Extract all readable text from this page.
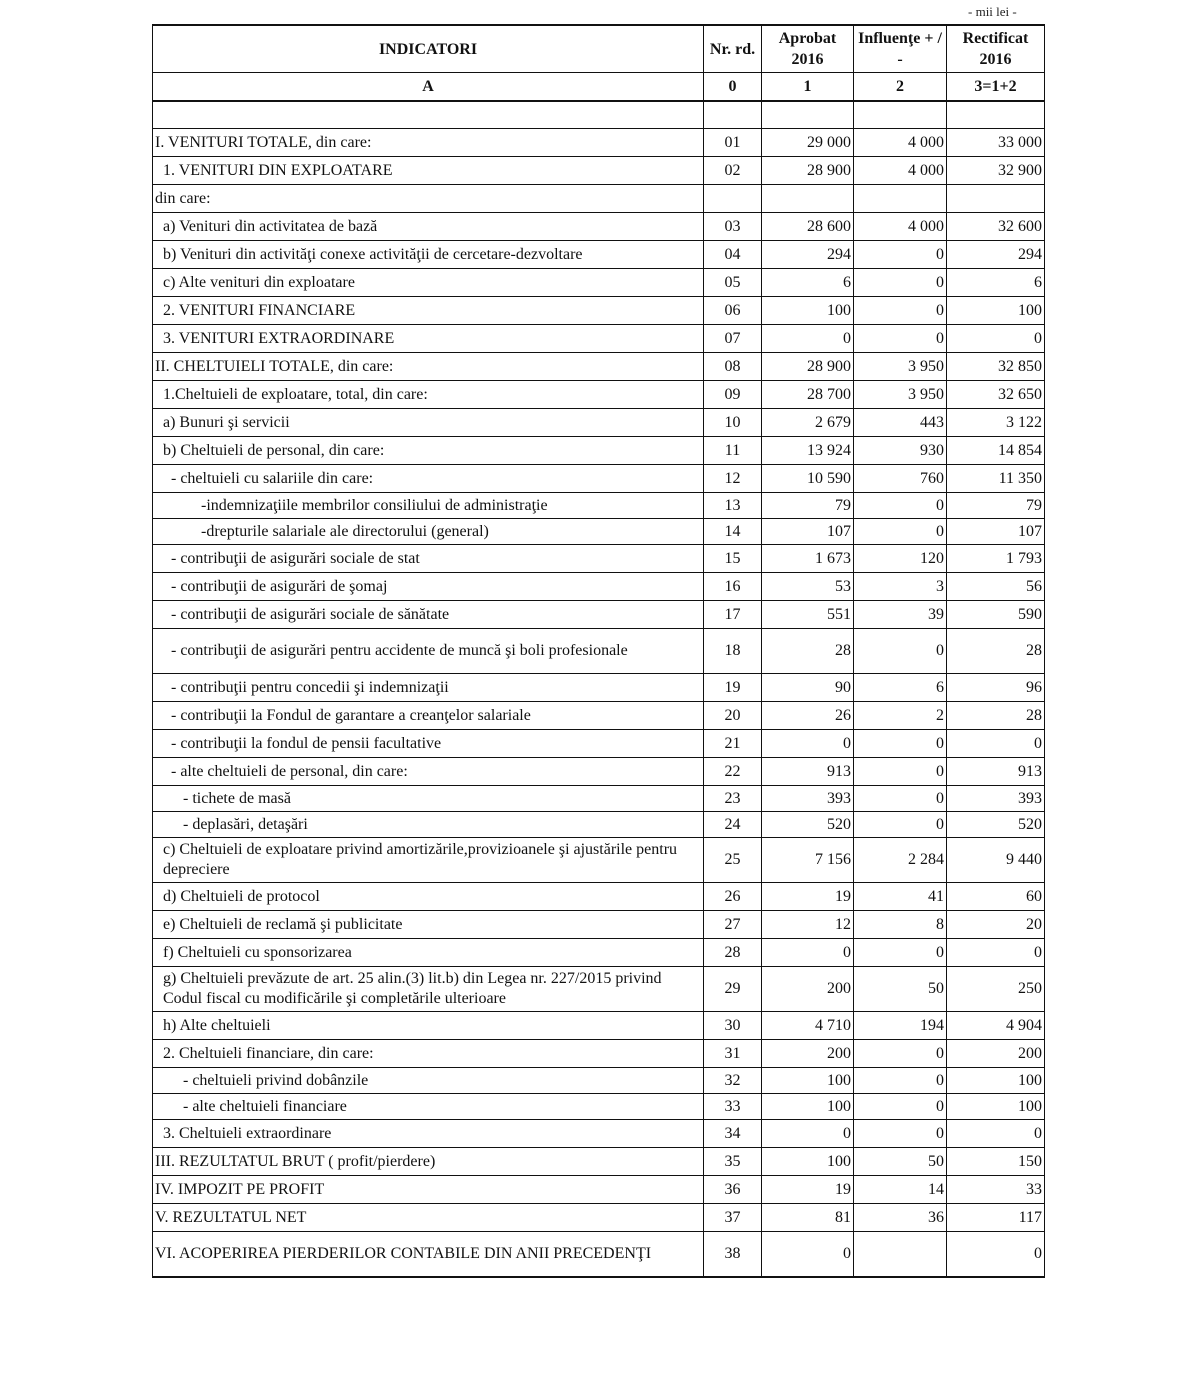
- mii lei -
INDICATORI	Nr. rd.	Aprobat 2016	Influenţe + / -	Rectificat 2016
A	0	1	2	3=1+2

I. VENITURI TOTALE, din care:	01	29 000	4 000	33 000
1. VENITURI DIN EXPLOATARE	02	28 900	4 000	32 900
din care:				
a) Venituri din activitatea de bază	03	28 600	4 000	32 600
b) Venituri din activităţi conexe activităţii de cercetare-dezvoltare	04	294	0	294
c) Alte venituri din exploatare	05	6	0	6
2. VENITURI FINANCIARE	06	100	0	100
3. VENITURI EXTRAORDINARE	07	0	0	0
II. CHELTUIELI TOTALE, din care:	08	28 900	3 950	32 850
1.Cheltuieli de exploatare, total, din care:	09	28 700	3 950	32 650
a) Bunuri şi servicii	10	2 679	443	3 122
b) Cheltuieli de personal, din care:	11	13 924	930	14 854
- cheltuieli cu salariile din care:	12	10 590	760	11 350
-indemnizaţiile membrilor consiliului de administraţie	13	79	0	79
-drepturile salariale ale directorului (general)	14	107	0	107
- contribuţii de asigurări sociale de stat	15	1 673	120	1 793
- contribuţii de asigurări de şomaj	16	53	3	56
- contribuţii de asigurări sociale de sănătate	17	551	39	590
- contribuţii de asigurări pentru accidente de muncă şi boli profesionale	18	28	0	28
- contribuţii pentru concedii şi indemnizaţii	19	90	6	96
- contribuţii la Fondul de garantare a creanţelor salariale	20	26	2	28
- contribuţii la fondul de pensii facultative	21	0	0	0
- alte cheltuieli de personal, din care:	22	913	0	913
- tichete de masă	23	393	0	393
- deplasări, detaşări	24	520	0	520
c) Cheltuieli de exploatare privind amortizările,provizioanele şi ajustările pentru depreciere	25	7 156	2 284	9 440
d) Cheltuieli de protocol	26	19	41	60
e) Cheltuieli de reclamă şi publicitate	27	12	8	20
f) Cheltuieli cu sponsorizarea	28	0	0	0
g) Cheltuieli prevăzute de art. 25 alin.(3) lit.b) din Legea nr. 227/2015 privind Codul fiscal cu modificările şi completările ulterioare	29	200	50	250
h) Alte cheltuieli	30	4 710	194	4 904
2. Cheltuieli financiare, din care:	31	200	0	200
- cheltuieli privind dobânzile	32	100	0	100
- alte cheltuieli financiare	33	100	0	100
3. Cheltuieli extraordinare	34	0	0	0
III. REZULTATUL BRUT ( profit/pierdere)	35	100	50	150
IV. IMPOZIT PE PROFIT	36	19	14	33
V. REZULTATUL NET	37	81	36	117
VI. ACOPERIREA PIERDERILOR CONTABILE DIN ANII PRECEDENŢI	38	0		0
